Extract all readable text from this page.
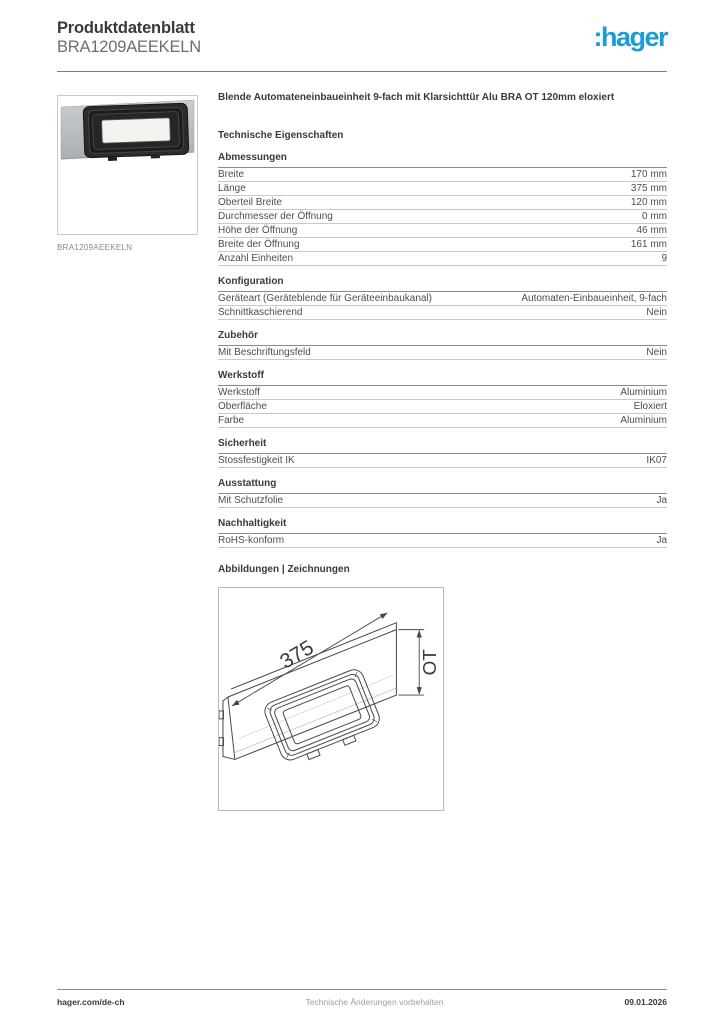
Produktdatenblatt
BRA1209AEEKELN	:hager
BRA1209AEEKELN
Blende Automateneinbaueinheit 9-fach mit Klarsichttür Alu BRA OT 120mm eloxiert
Technische Eigenschaften
Abmessungen
Breite	170 mm
Länge	375 mm
Oberteil Breite	120 mm
Durchmesser der Öffnung	0 mm
Höhe der Öffnung	46 mm
Breite der Öffnung	161 mm
Anzahl Einheiten	9
Konfiguration
Geräteart (Geräteblende für Geräteeinbaukanal)	Automaten-Einbaueinheit, 9-fach
Schnittkaschierend	Nein
Zubehör
Mit Beschriftungsfeld	Nein
Werkstoff
Werkstoff	Aluminium
Oberfläche	Eloxiert
Farbe	Aluminium
Sicherheit
Stossfestigkeit IK	IK07
Ausstattung
Mit Schutzfolie	Ja
Nachhaltigkeit
RoHS-konform	Ja
Abbildungen | Zeichnungen
375	OT
hager.com/de-ch	Technische Änderungen vorbehalten	09.01.2026
